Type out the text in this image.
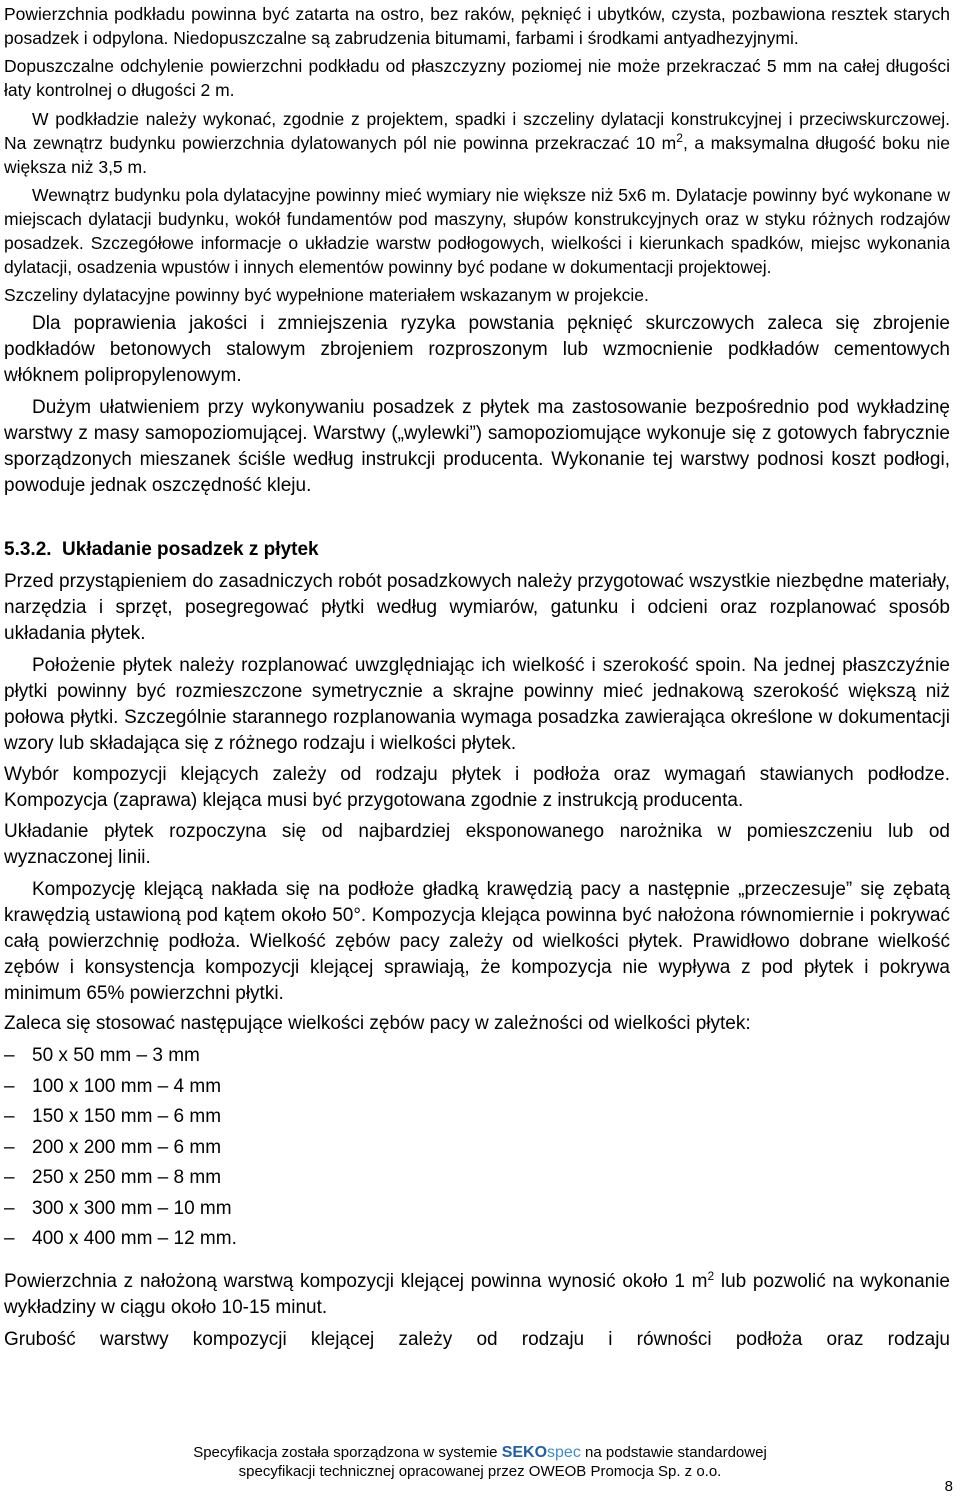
Powierzchnia podkładu powinna być zatarta na ostro, bez raków, pęknięć i ubytków, czysta, pozbawiona resztek starych posadzek i odpylona. Niedopuszczalne są zabrudzenia bitumami, farbami i środkami antyadhezyjnymi.

Dopuszczalne odchylenie powierzchni podkładu od płaszczyzny poziomej nie może przekraczać 5 mm na całej długości łaty kontrolnej o długości 2 m.

W podkładzie należy wykonać, zgodnie z projektem, spadki i szczeliny dylatacji konstrukcyjnej i przeciwskurczowej. Na zewnątrz budynku powierzchnia dylatowanych pól nie powinna przekraczać 10 $m^2$, a maksymalna długość boku nie większa niż 3,5 m.

Wewnątrz budynku pola dylatacyjne powinny mieć wymiary nie większe niż 5x6 m. Dylatacje powinny być wykonane w miejscach dylatacji budynku, wokół fundamentów pod maszyny, słupów konstrukcyjnych oraz w styku różnych rodzajów posadzek. Szczegółowe informacje o układzie warstw podłogowych, wielkości i kierunkach spadków, miejsc wykonania dylatacji, osadzenia wpustów i innych elementów powinny być podane w dokumentacji projektowej.

Szczeliny dylatacyjne powinny być wypełnione materiałem wskazanym w projekcie.

Dla poprawienia jakości i zmniejszenia ryzyka powstania pęknięć skurczowych zaleca się zbrojenie podkładów betonowych stalowym zbrojeniem rozproszonym lub wzmocnienie podkładów cementowych włóknem polipropylenowym.

Dużym ułatwieniem przy wykonywaniu posadzek z płytek ma zastosowanie bezpośrednio pod wykładzinę warstwy z masy samopoziomującej. Warstwy („wylewki”) samopoziomujące wykonuje się z gotowych fabrycznie sporządzonych mieszanek ściśle według instrukcji producenta. Wykonanie tej warstwy podnosi koszt podłogi, powoduje jednak oszczędność kleju.

5.3.2. Układanie posadzek z płytek

Przed przystąpieniem do zasadniczych robót posadzkowych należy przygotować wszystkie niezbędne materiały, narzędzia i sprzęt, posegregować płytki według wymiarów, gatunku i odcieni oraz rozplanować sposób układania płytek.

Położenie płytek należy rozplanować uwzględniając ich wielkość i szerokość spoin. Na jednej płaszczyźnie płytki powinny być rozmieszczone symetrycznie a skrajne powinny mieć jednakową szerokość większą niż połowa płytki. Szczególnie starannego rozplanowania wymaga posadzka zawierająca określone w dokumentacji wzory lub składająca się z różnego rodzaju i wielkości płytek.

Wybór kompozycji klejących zależy od rodzaju płytek i podłoża oraz wymagań stawianych podłodze. Kompozycja (zaprawa) klejąca musi być przygotowana zgodnie z instrukcją producenta.

Układanie płytek rozpoczyna się od najbardziej eksponowanego narożnika w pomieszczeniu lub od wyznaczonej linii.

Kompozycję klejącą nakłada się na podłoże gładką krawędzią pacy a następnie „przeczesuje” się zębatą krawędzią ustawioną pod kątem około 50°. Kompozycja klejąca powinna być nałożona równomiernie i pokrywać całą powierzchnię podłoża. Wielkość zębów pacy zależy od wielkości płytek. Prawidłowo dobrane wielkość zębów i konsystencja kompozycji klejącej sprawiają, że kompozycja nie wypływa z pod płytek i pokrywa minimum 65% powierzchni płytki.

Zaleca się stosować następujące wielkości zębów pacy w zależności od wielkości płytek:

– 50 x 50 mm – 3 mm
– 100 x 100 mm – 4 mm
– 150 x 150 mm – 6 mm
– 200 x 200 mm – 6 mm
– 250 x 250 mm – 8 mm
– 300 x 300 mm – 10 mm
– 400 x 400 mm – 12 mm.

Powierzchnia z nałożoną warstwą kompozycji klejącej powinna wynosić około 1 $m^2$ lub pozwolić na wykonanie wykładziny w ciągu około 10-15 minut.

Grubość warstwy kompozycji klejącej zależy od rodzaju i równości podłoża oraz rodzaju

Specyfikacja została sporządzona w systemie SEKOspec na podstawie standardowej
specyfikacji technicznej opracowanej przez OWEOB Promocja Sp. z o.o.
8
